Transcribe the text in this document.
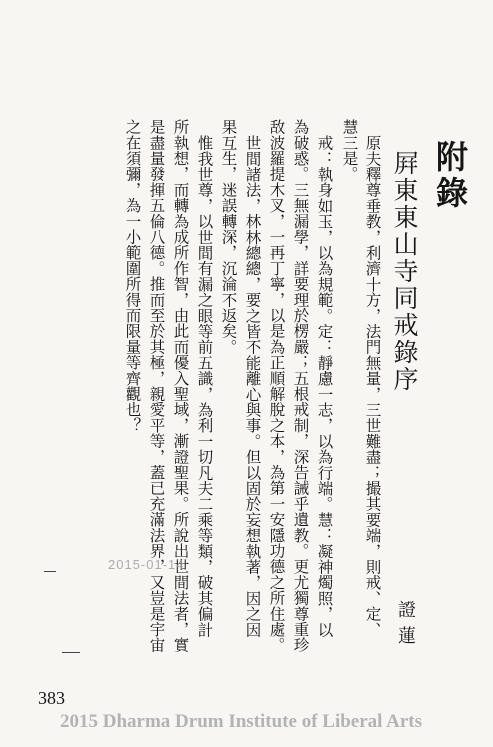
附錄
屛東東山寺同戒錄序
證蓮
原夫釋尊垂教，利濟十方，法門無量，三世難盡；撮其要端，則戒、定、
慧三是。
戒：執身如玉，以為規範。定：靜慮一志，以為行端。慧：凝神燭照，以
為破惑。三無漏學，詳要理於楞嚴；五根戒制，深告誡乎遺教。更尤獨尊重珍
敌波羅提木叉，一再丁寧，以是為正順解脫之本，為第一安隱功德之所住處。
世間諸法，林林總總，要之皆不能離心與事。但以固於妄想執著，因之因
果互生，迷誤轉深，沉淪不返矣。
惟我世尊，以世間有漏之眼等前五識，為利一切凡夫二乘等類，破其偏計
所執想，而轉為成所作智，由此而優入聖域，漸證聖果。所說出世間法者，實
是盡量發揮五倫八德。推而至於其極，親愛平等，蓋已充滿法界，又豈是宇宙
之在須彌，為一小範圍所得而限量等齊觀也？
2015-01-14
383
2015 Dharma Drum Institute of Liberal Arts
